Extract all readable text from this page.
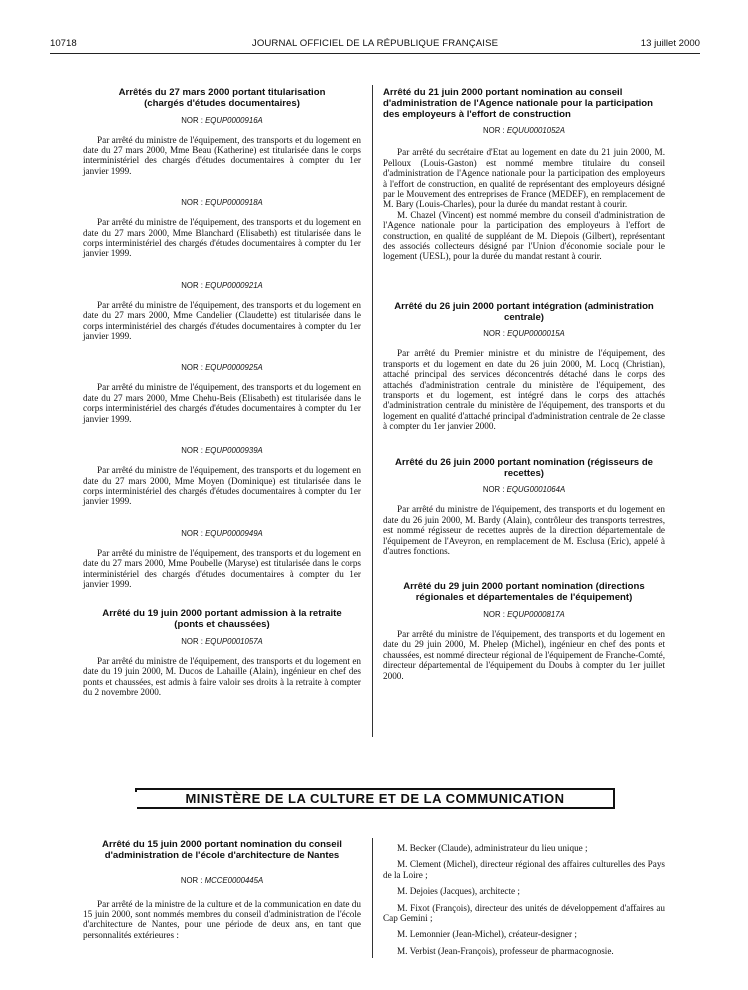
10718	JOURNAL OFFICIEL DE LA RÉPUBLIQUE FRANÇAISE	13 juillet 2000
Arrêtés du 27 mars 2000 portant titularisation (chargés d'études documentaires)
NOR : EQUP0000916A

Par arrêté du ministre de l'équipement, des transports et du logement en date du 27 mars 2000, Mme Beau (Katherine) est titularisée dans le corps interministériel des chargés d'études documentaires à compter du 1er janvier 1999.

NOR : EQUP0000918A

Par arrêté du ministre de l'équipement, des transports et du logement en date du 27 mars 2000, Mme Blanchard (Elisabeth) est titularisée dans le corps interministériel des chargés d'études documentaires à compter du 1er janvier 1999.

NOR : EQUP0000921A

Par arrêté du ministre de l'équipement, des transports et du logement en date du 27 mars 2000, Mme Candelier (Claudette) est titularisée dans le corps interministériel des chargés d'études documentaires à compter du 1er janvier 1999.

NOR : EQUP0000925A

Par arrêté du ministre de l'équipement, des transports et du logement en date du 27 mars 2000, Mme Chehu-Beis (Elisabeth) est titularisée dans le corps interministériel des chargés d'études documentaires à compter du 1er janvier 1999.

NOR : EQUP0000939A

Par arrêté du ministre de l'équipement, des transports et du logement en date du 27 mars 2000, Mme Moyen (Dominique) est titularisée dans le corps interministériel des chargés d'études documentaires à compter du 1er janvier 1999.

NOR : EQUP0000949A

Par arrêté du ministre de l'équipement, des transports et du logement en date du 27 mars 2000, Mme Poubelle (Maryse) est titularisée dans le corps interministériel des chargés d'études documentaires à compter du 1er janvier 1999.

Arrêté du 19 juin 2000 portant admission à la retraite (ponts et chaussées)
NOR : EQUP0001057A

Par arrêté du ministre de l'équipement, des transports et du logement en date du 19 juin 2000, M. Ducos de Lahaille (Alain), ingénieur en chef des ponts et chaussées, est admis à faire valoir ses droits à la retraite à compter du 2 novembre 2000.

Arrêté du 21 juin 2000 portant nomination au conseil d'administration de l'Agence nationale pour la participation des employeurs à l'effort de construction
NOR : EQUU0001052A

Par arrêté du secrétaire d'Etat au logement en date du 21 juin 2000, M. Pelloux (Louis-Gaston) est nommé membre titulaire du conseil d'administration de l'Agence nationale pour la participation des employeurs à l'effort de construction, en qualité de représentant des employeurs désigné par le Mouvement des entreprises de France (MEDEF), en remplacement de M. Bary (Louis-Charles), pour la durée du mandat restant à courir.

M. Chazel (Vincent) est nommé membre du conseil d'administration de l'Agence nationale pour la participation des employeurs à l'effort de construction, en qualité de suppléant de M. Diepois (Gilbert), représentant des associés collecteurs désigné par l'Union d'économie sociale pour le logement (UESL), pour la durée du mandat restant à courir.

Arrêté du 26 juin 2000 portant intégration (administration centrale)
NOR : EQUP0000015A

Par arrêté du Premier ministre et du ministre de l'équipement, des transports et du logement en date du 26 juin 2000, M. Locq (Christian), attaché principal des services déconcentrés détaché dans le corps des attachés d'administration centrale du ministère de l'équipement, des transports et du logement, est intégré dans le corps des attachés d'administration centrale du ministère de l'équipement, des transports et du logement en qualité d'attaché principal d'administration centrale de 2e classe à compter du 1er janvier 2000.

Arrêté du 26 juin 2000 portant nomination (régisseurs de recettes)
NOR : EQUG0001064A

Par arrêté du ministre de l'équipement, des transports et du logement en date du 26 juin 2000, M. Bardy (Alain), contrôleur des transports terrestres, est nommé régisseur de recettes auprès de la direction départementale de l'équipement de l'Aveyron, en remplacement de M. Esclusa (Eric), appelé à d'autres fonctions.

Arrêté du 29 juin 2000 portant nomination (directions régionales et départementales de l'équipement)
NOR : EQUP0000817A

Par arrêté du ministre de l'équipement, des transports et du logement en date du 29 juin 2000, M. Phelep (Michel), ingénieur en chef des ponts et chaussées, est nommé directeur régional de l'équipement de Franche-Comté, directeur départemental de l'équipement du Doubs à compter du 1er juillet 2000.

MINISTÈRE DE LA CULTURE ET DE LA COMMUNICATION
Arrêté du 15 juin 2000 portant nomination du conseil d'administration de l'école d'architecture de Nantes
NOR : MCCE0000445A

Par arrêté de la ministre de la culture et de la communication en date du 15 juin 2000, sont nommés membres du conseil d'administration de l'école d'architecture de Nantes, pour une période de deux ans, en tant que personnalités extérieures :

M. Becker (Claude), administrateur du lieu unique ;

M. Clement (Michel), directeur régional des affaires culturelles des Pays de la Loire ;

M. Dejoies (Jacques), architecte ;

M. Fixot (François), directeur des unités de développement d'affaires au Cap Gemini ;

M. Lemonnier (Jean-Michel), créateur-designer ;

M. Verbist (Jean-François), professeur de pharmacognosie.
